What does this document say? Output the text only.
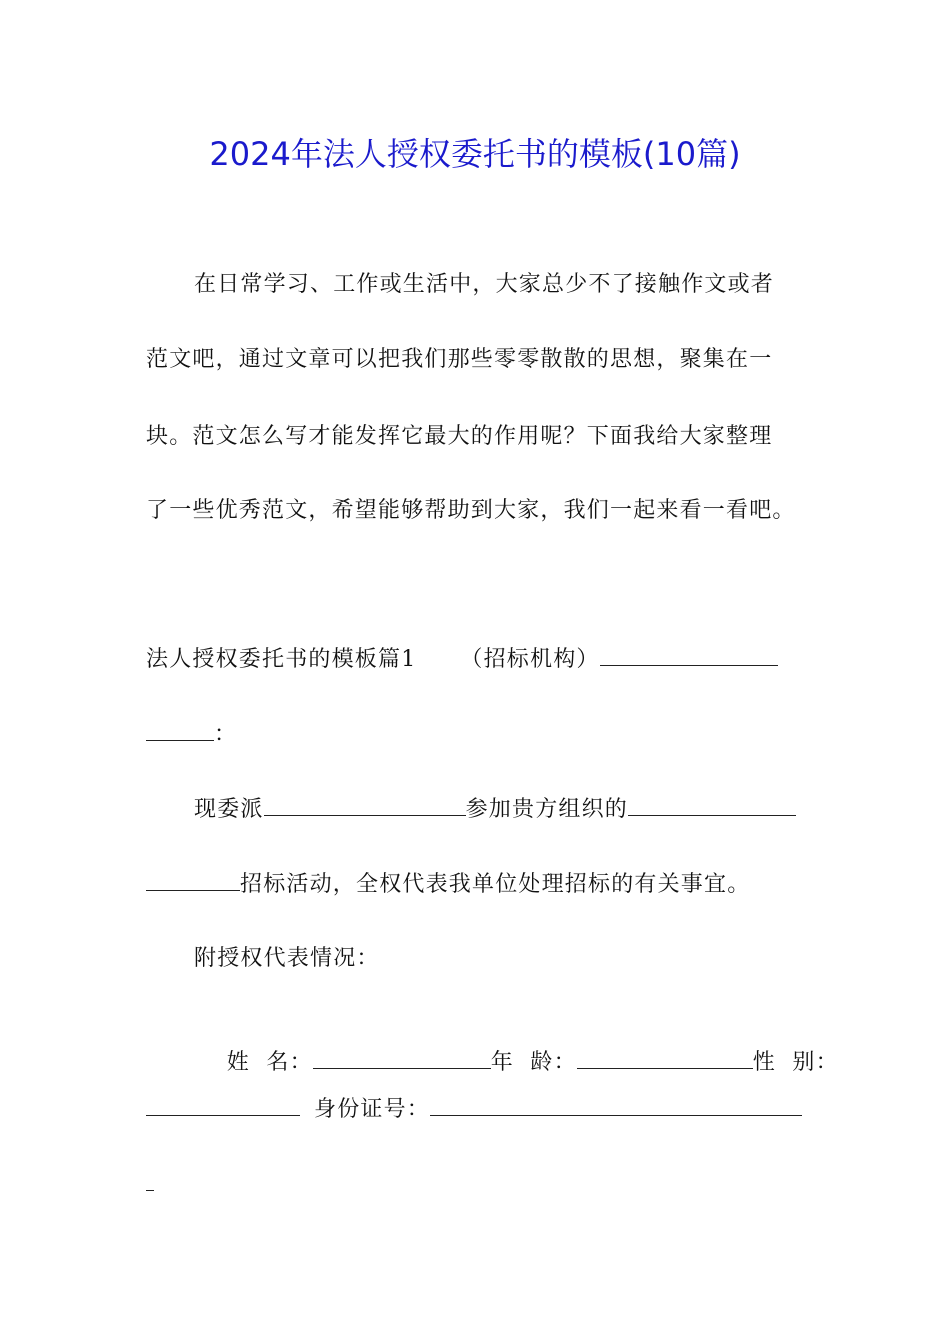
2024年法人授权委托书的模板(10篇)
在日常学习、工作或生活中，大家总少不了接触作文或者
范文吧，通过文章可以把我们那些零零散散的思想，聚集在一
块。范文怎么写才能发挥它最大的作用呢？下面我给大家整理
了一些优秀范文，希望能够帮助到大家，我们一起来看一看吧。
法人授权委托书的模板篇1 （招标机构）
：
现委派	参加贵方组织的
招标活动，全权代表我单位处理招标的有关事宜。
附授权代表情况：

姓  名：	年  龄：	性  别：

身份证号：
